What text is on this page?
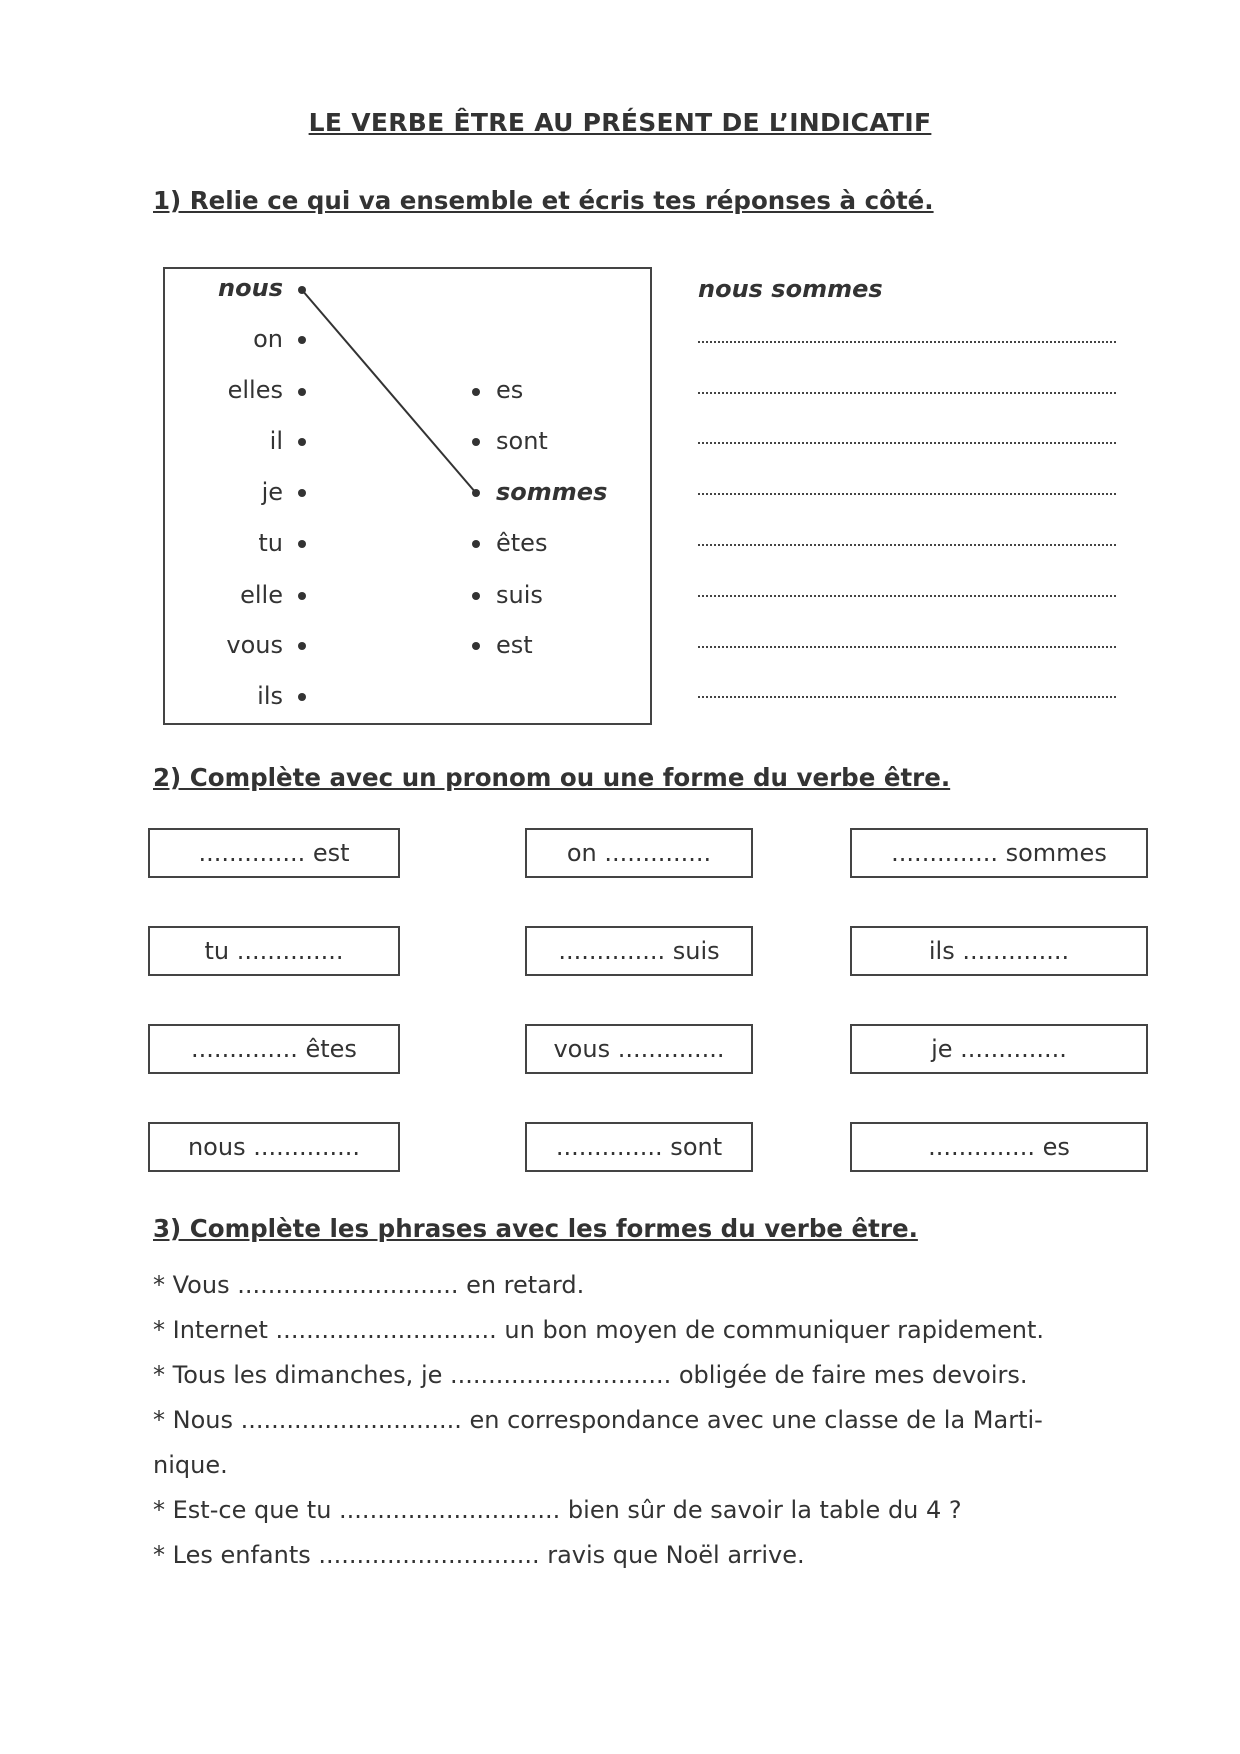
LE VERBE ÊTRE AU PRÉSENT DE L’INDICATIF
1) Relie ce qui va ensemble et écris tes réponses à côté.
nous
on
elles
il
je
tu
elle
vous
ils
es
sont
sommes
êtes
suis
est
nous sommes
2) Complète avec un pronom ou une forme du verbe être.
.............. est	on ..............	.............. sommes
tu ..............	.............. suis	ils ..............
.............. êtes	vous ..............	je ..............
nous ..............	.............. sont	.............. es
3) Complète les phrases avec les formes du verbe être.
* Vous ............................. en retard.
* Internet ............................. un bon moyen de communiquer rapidement.
* Tous les dimanches, je ............................. obligée de faire mes devoirs.
* Nous ............................. en correspondance avec une classe de la Marti-
nique.
* Est-ce que tu ............................. bien sûr de savoir la table du 4 ?
* Les enfants ............................. ravis que Noël arrive.
